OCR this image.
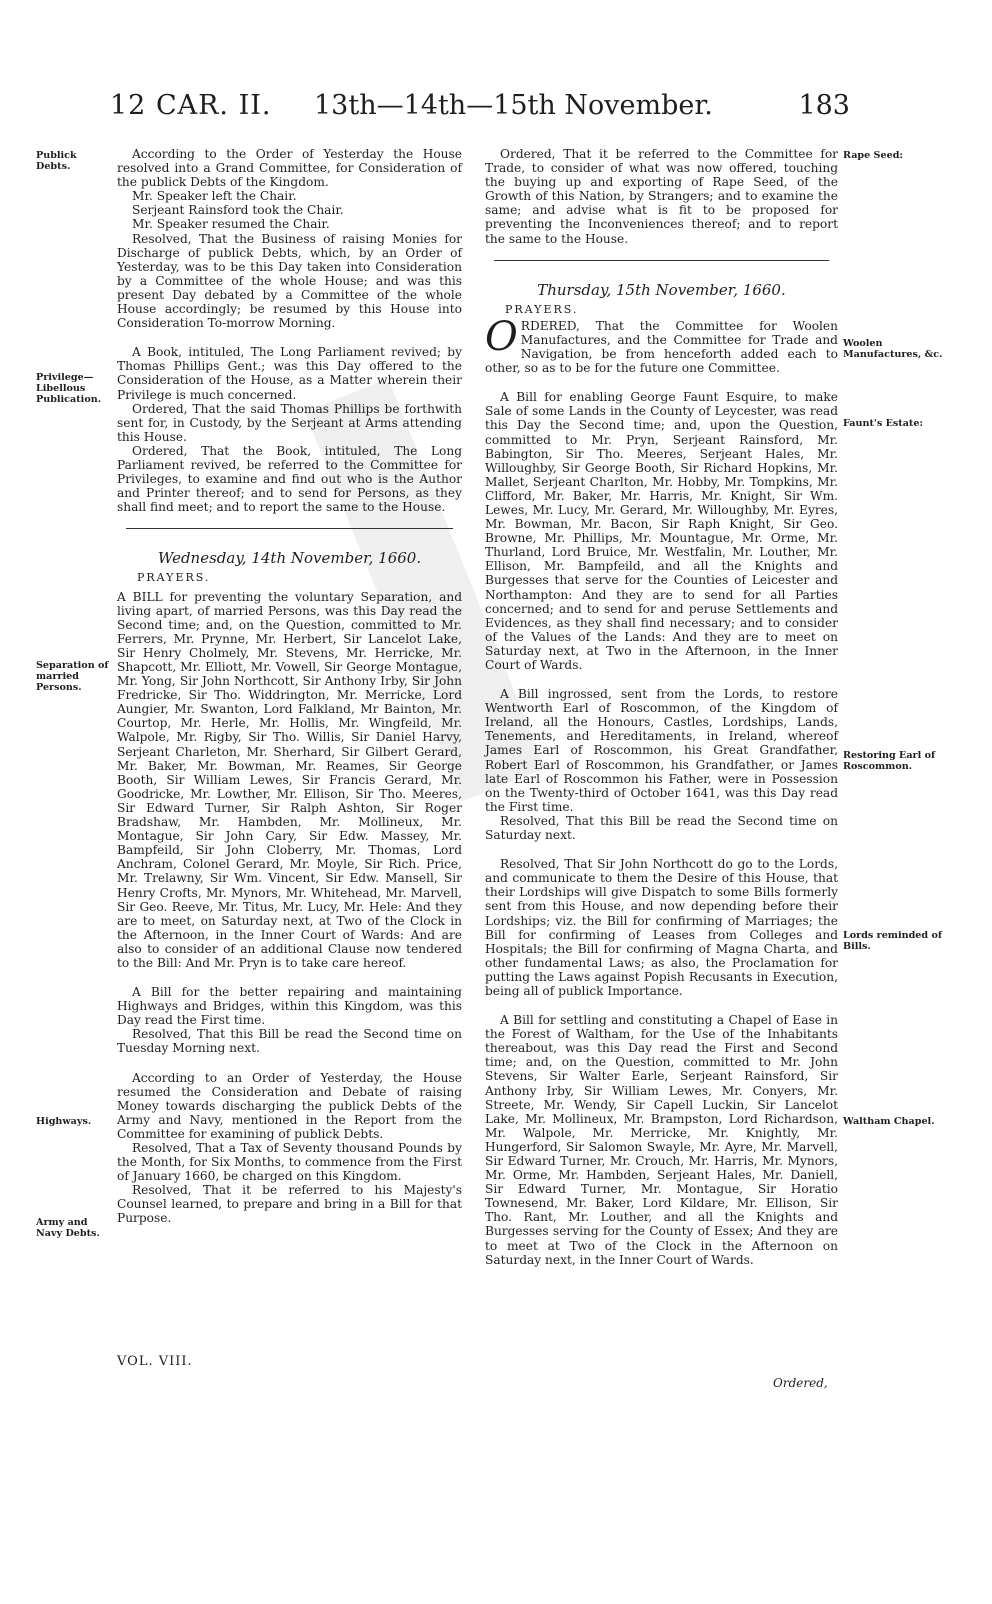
12 CAR. II. 13th—14th—15th November.	183
Publick Debts.
Privilege— Libellous Publication.
Separation of married Persons.
Highways.
Army and Navy Debts.
Rape Seed:
Woolen Manufactures, &c.
Faunt's Estate:
Restoring Earl of Roscommon.
Lords reminded of Bills.
Waltham Chapel.

According to the Order of Yesterday the House resolved into a Grand Committee, for Consideration of the publick Debts of the Kingdom.

Mr. Speaker left the Chair.

Serjeant Rainsford took the Chair.

Mr. Speaker resumed the Chair.

Resolved, That the Business of raising Monies for Discharge of publick Debts, which, by an Order of Yesterday, was to be this Day taken into Consideration by a Committee of the whole House; and was this present Day debated by a Committee of the whole House accordingly; be resumed by this House into Consideration To-morrow Morning.

A Book, intituled, The Long Parliament revived; by Thomas Phillips Gent.; was this Day offered to the Consideration of the House, as a Matter wherein their Privilege is much concerned.

Ordered, That the said Thomas Phillips be forthwith sent for, in Custody, by the Serjeant at Arms attending this House.

Ordered, That the Book, intituled, The Long Parliament revived, be referred to the Committee for Privileges, to examine and find out who is the Author and Printer thereof; and to send for Persons, as they shall find meet; and to report the same to the House.

Wednesday, 14th November, 1660.
PRAYERS.

A BILL for preventing the voluntary Separation, and living apart, of married Persons, was this Day read the Second time; and, on the Question, committed to Mr. Ferrers, Mr. Prynne, Mr. Herbert, Sir Lancelot Lake, Sir Henry Cholmely, Mr. Stevens, Mr. Herricke, Mr. Shapcott, Mr. Elliott, Mr. Vowell, Sir George Montague, Mr. Yong, Sir John Northcott, Sir Anthony Irby, Sir John Fredricke, Sir Tho. Widdrington, Mr. Merricke, Lord Aungier, Mr. Swanton, Lord Falkland, Mr Bainton, Mr. Courtop, Mr. Herle, Mr. Hollis, Mr. Wingfeild, Mr. Walpole, Mr. Rigby, Sir Tho. Willis, Sir Daniel Harvy, Serjeant Charleton, Mr. Sherhard, Sir Gilbert Gerard, Mr. Baker, Mr. Bowman, Mr. Reames, Sir George Booth, Sir William Lewes, Sir Francis Gerard, Mr. Goodricke, Mr. Lowther, Mr. Ellison, Sir Tho. Meeres, Sir Edward Turner, Sir Ralph Ashton, Sir Roger Bradshaw, Mr. Hambden, Mr. Mollineux, Mr. Montague, Sir John Cary, Sir Edw. Massey, Mr. Bampfeild, Sir John Cloberry, Mr. Thomas, Lord Anchram, Colonel Gerard, Mr. Moyle, Sir Rich. Price, Mr. Trelawny, Sir Wm. Vincent, Sir Edw. Mansell, Sir Henry Crofts, Mr. Mynors, Mr. Whitehead, Mr. Marvell, Sir Geo. Reeve, Mr. Titus, Mr. Lucy, Mr. Hele: And they are to meet, on Saturday next, at Two of the Clock in the Afternoon, in the Inner Court of Wards: And are also to consider of an additional Clause now tendered to the Bill: And Mr. Pryn is to take care hereof.

A Bill for the better repairing and maintaining Highways and Bridges, within this Kingdom, was this Day read the First time.

Resolved, That this Bill be read the Second time on Tuesday Morning next.

According to an Order of Yesterday, the House resumed the Consideration and Debate of raising Money towards discharging the publick Debts of the Army and Navy, mentioned in the Report from the Committee for examining of publick Debts.

Resolved, That a Tax of Seventy thousand Pounds by the Month, for Six Months, to commence from the First of January 1660, be charged on this Kingdom.

Resolved, That it be referred to his Majesty's Counsel learned, to prepare and bring in a Bill for that Purpose.

Ordered, That it be referred to the Committee for Trade, to consider of what was now offered, touching the buying up and exporting of Rape Seed, of the Growth of this Nation, by Strangers; and to examine the same; and advise what is fit to be proposed for preventing the Inconveniences thereof; and to report the same to the House.

Thursday, 15th November, 1660.
PRAYERS.

ORDERED, That the Committee for Woolen Manufactures, and the Committee for Trade and Navigation, be from henceforth added each to other, so as to be for the future one Committee.

A Bill for enabling George Faunt Esquire, to make Sale of some Lands in the County of Leycester, was read this Day the Second time; and, upon the Question, committed to Mr. Pryn, Serjeant Rainsford, Mr. Babington, Sir Tho. Meeres, Serjeant Hales, Mr. Willoughby, Sir George Booth, Sir Richard Hopkins, Mr. Mallet, Serjeant Charlton, Mr. Hobby, Mr. Tompkins, Mr. Clifford, Mr. Baker, Mr. Harris, Mr. Knight, Sir Wm. Lewes, Mr. Lucy, Mr. Gerard, Mr. Willoughby, Mr. Eyres, Mr. Bowman, Mr. Bacon, Sir Raph Knight, Sir Geo. Browne, Mr. Phillips, Mr. Mountague, Mr. Orme, Mr. Thurland, Lord Bruice, Mr. Westfalin, Mr. Louther, Mr. Ellison, Mr. Bampfeild, and all the Knights and Burgesses that serve for the Counties of Leicester and Northampton: And they are to send for all Parties concerned; and to send for and peruse Settlements and Evidences, as they shall find necessary; and to consider of the Values of the Lands: And they are to meet on Saturday next, at Two in the Afternoon, in the Inner Court of Wards.

A Bill ingrossed, sent from the Lords, to restore Wentworth Earl of Roscommon, of the Kingdom of Ireland, all the Honours, Castles, Lordships, Lands, Tenements, and Hereditaments, in Ireland, whereof James Earl of Roscommon, his Great Grandfather, Robert Earl of Roscommon, his Grandfather, or James late Earl of Roscommon his Father, were in Possession on the Twenty-third of October 1641, was this Day read the First time.

Resolved, That this Bill be read the Second time on Saturday next.

Resolved, That Sir John Northcott do go to the Lords, and communicate to them the Desire of this House, that their Lordships will give Dispatch to some Bills formerly sent from this House, and now depending before their Lordships; viz. the Bill for confirming of Marriages; the Bill for confirming of Leases from Colleges and Hospitals; the Bill for confirming of Magna Charta, and other fundamental Laws; as also, the Proclamation for putting the Laws against Popish Recusants in Execution, being all of publick Importance.

A Bill for settling and constituting a Chapel of Ease in the Forest of Waltham, for the Use of the Inhabitants thereabout, was this Day read the First and Second time; and, on the Question, committed to Mr. John Stevens, Sir Walter Earle, Serjeant Rainsford, Sir Anthony Irby, Sir William Lewes, Mr. Conyers, Mr. Streete, Mr. Wendy, Sir Capell Luckin, Sir Lancelot Lake, Mr. Mollineux, Mr. Brampston, Lord Richardson, Mr. Walpole, Mr. Merricke, Mr. Knightly, Mr. Hungerford, Sir Salomon Swayle, Mr. Ayre, Mr. Marvell, Sir Edward Turner, Mr. Crouch, Mr. Harris, Mr. Mynors, Mr. Orme, Mr. Hambden, Serjeant Hales, Mr. Daniell, Sir Edward Turner, Mr. Montague, Sir Horatio Townesend, Mr. Baker, Lord Kildare, Mr. Ellison, Sir Tho. Rant, Mr. Louther, and all the Knights and Burgesses serving for the County of Essex; And they are to meet at Two of the Clock in the Afternoon on Saturday next, in the Inner Court of Wards.

VOL. VIII.
Ordered,
